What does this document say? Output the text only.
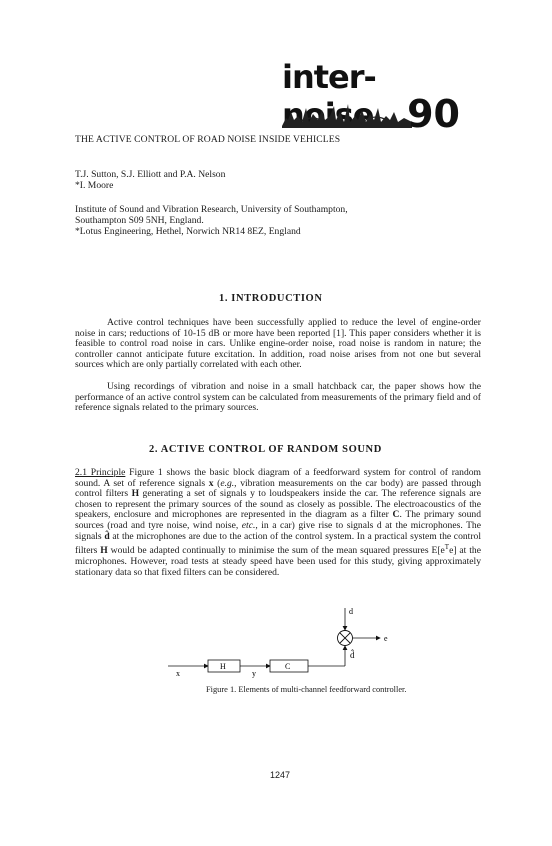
inter-noise 90
THE ACTIVE CONTROL OF ROAD NOISE INSIDE VEHICLES
T.J. Sutton, S.J. Elliott and P.A. Nelson
*I. Moore
Institute of Sound and Vibration Research, University of Southampton,
Southampton S09 5NH, England.
*Lotus Engineering, Hethel, Norwich NR14 8EZ, England
1. INTRODUCTION

Active control techniques have been successfully applied to reduce the level of engine-order noise in cars; reductions of 10-15 dB or more have been reported [1]. This paper considers whether it is feasible to control road noise in cars. Unlike engine-order noise, road noise is random in nature; the controller cannot anticipate future excitation. In addition, road noise arises from not one but several sources which are only partially correlated with each other.

Using recordings of vibration and noise in a small hatchback car, the paper shows how the performance of an active control system can be calculated from measurements of the primary field and of reference signals related to the primary sources.

2. ACTIVE CONTROL OF RANDOM SOUND

2.1 Principle Figure 1 shows the basic block diagram of a feedforward system for control of random sound. A set of reference signals x (e.g., vibration measurements on the car body) are passed through control filters H generating a set of signals y to loudspeakers inside the car. The reference signals are chosen to represent the primary sources of the sound as closely as possible. The electroacoustics of the speakers, enclosure and microphones are represented in the diagram as a filter C. The primary sound sources (road and tyre noise, wind noise, etc., in a car) give rise to signals d at the microphones. The signals d̂ at the microphones are due to the action of the control system. In a practical system the control filters H would be adapted continually to minimise the sum of the mean squared pressures $E[e^Te]$ at the microphones. However, road tests at steady speed have been used for this study, giving approximately stationary data so that fixed filters can be considered.

x
H
y
C
d̂
d
e
Figure 1. Elements of multi-channel feedforward controller.
1247
